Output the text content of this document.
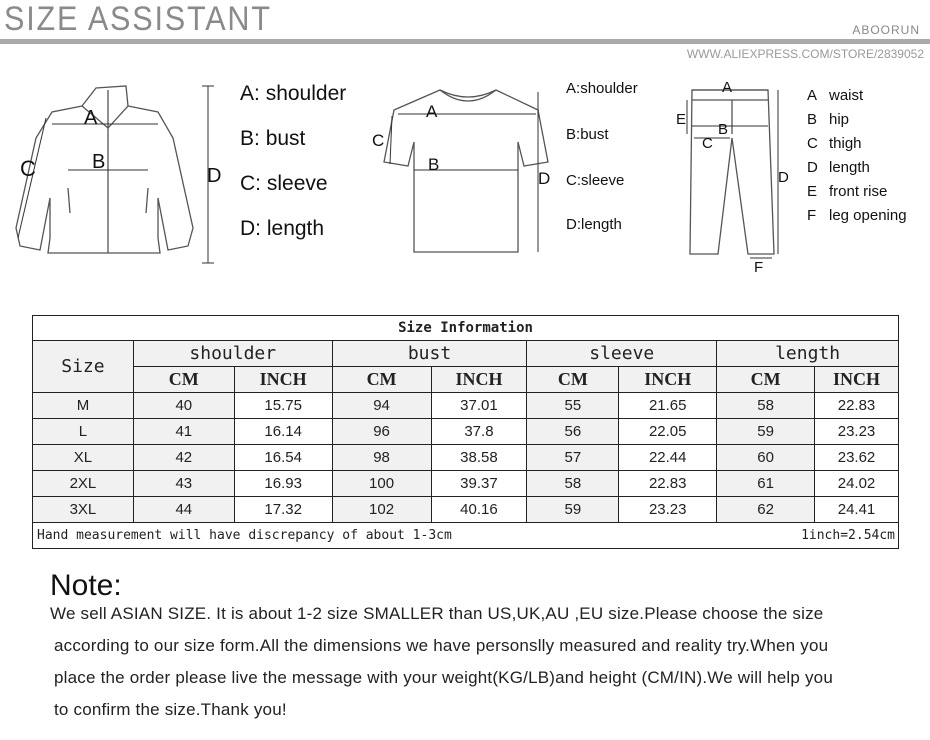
SIZE ASSISTANT	ABOORUN
WWW.ALIEXPRESS.COM/STORE/2839052
A
B
C	D
A: shoulder
B: bust
C: sleeve
D: length
A
B
C
D
A:shoulder
B:bust
C:sleeve
D:length
A
B
C
D
E
F
A waist
B hip
C thigh
D length
E front rise
F leg opening
Size Information								
Size	shoulder		bust		sleeve		length	
	CM	INCH	CM	INCH	CM	INCH	CM	INCH
M	40	15.75	94	37.01	55	21.65	58	22.83
L	41	16.14	96	37.8	56	22.05	59	23.23
XL	42	16.54	98	38.58	57	22.44	60	23.62
2XL	43	16.93	100	39.37	58	22.83	61	24.02
3XL	44	17.32	102	40.16	59	23.23	62	24.41
Hand measurement will have discrepancy of about 1-3cm 1inch=2.54cm								
Note:
We sell ASIAN SIZE. It is about 1-2 size SMALLER than US,UK,AU ,EU size.Please choose the size
according to our size form.All the dimensions we have personslly measured and reality try.When you
place the order please live the message with your weight(KG/LB)and height (CM/IN).We will help you
to confirm the size.Thank you!
